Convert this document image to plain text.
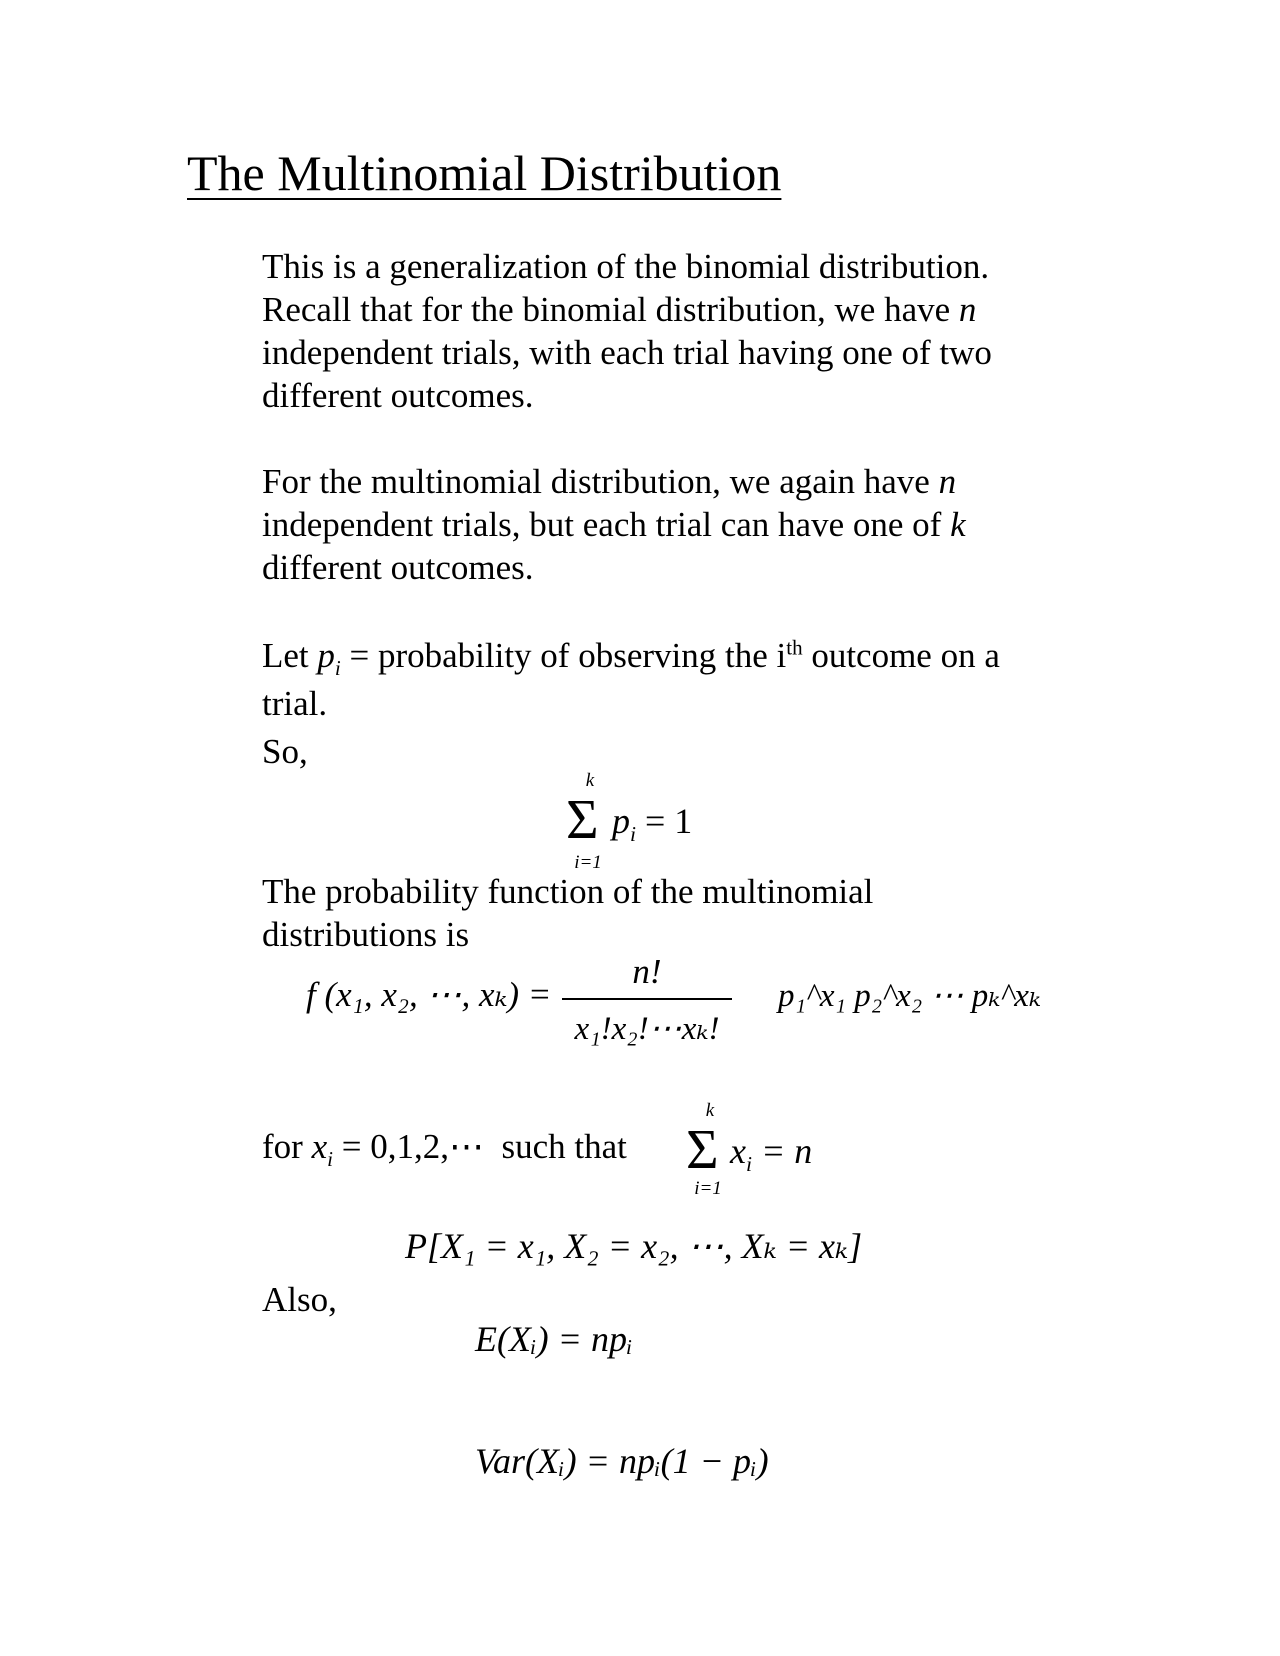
The Multinomial Distribution
This is a generalization of the binomial distribution.
Recall that for the binomial distribution, we have n
independent trials, with each trial having one of two
different outcomes.
For the multinomial distribution, we again have n
independent trials, but each trial can have one of k
different outcomes.
Let $p_i$ = probability of observing the $i^{th}$ outcome on a
trial.
So,
k
Σ
i=1
$p_i = 1$
The probability function of the multinomial
distributions is
f (x₁, x₂, ⋯, xₖ) =
n!
x₁!x₂!⋯xₖ!
p₁^x₁ p₂^x₂ ⋯ pₖ^xₖ
for $x_i$ = 0,1,2,⋯ such that
k
Σ
i=1
$x_i = n$
P[X₁ = x₁, X₂ = x₂, ⋯, Xₖ = xₖ]
Also,
E(Xᵢ) = npᵢ
Var(Xᵢ) = npᵢ(1 − pᵢ)
